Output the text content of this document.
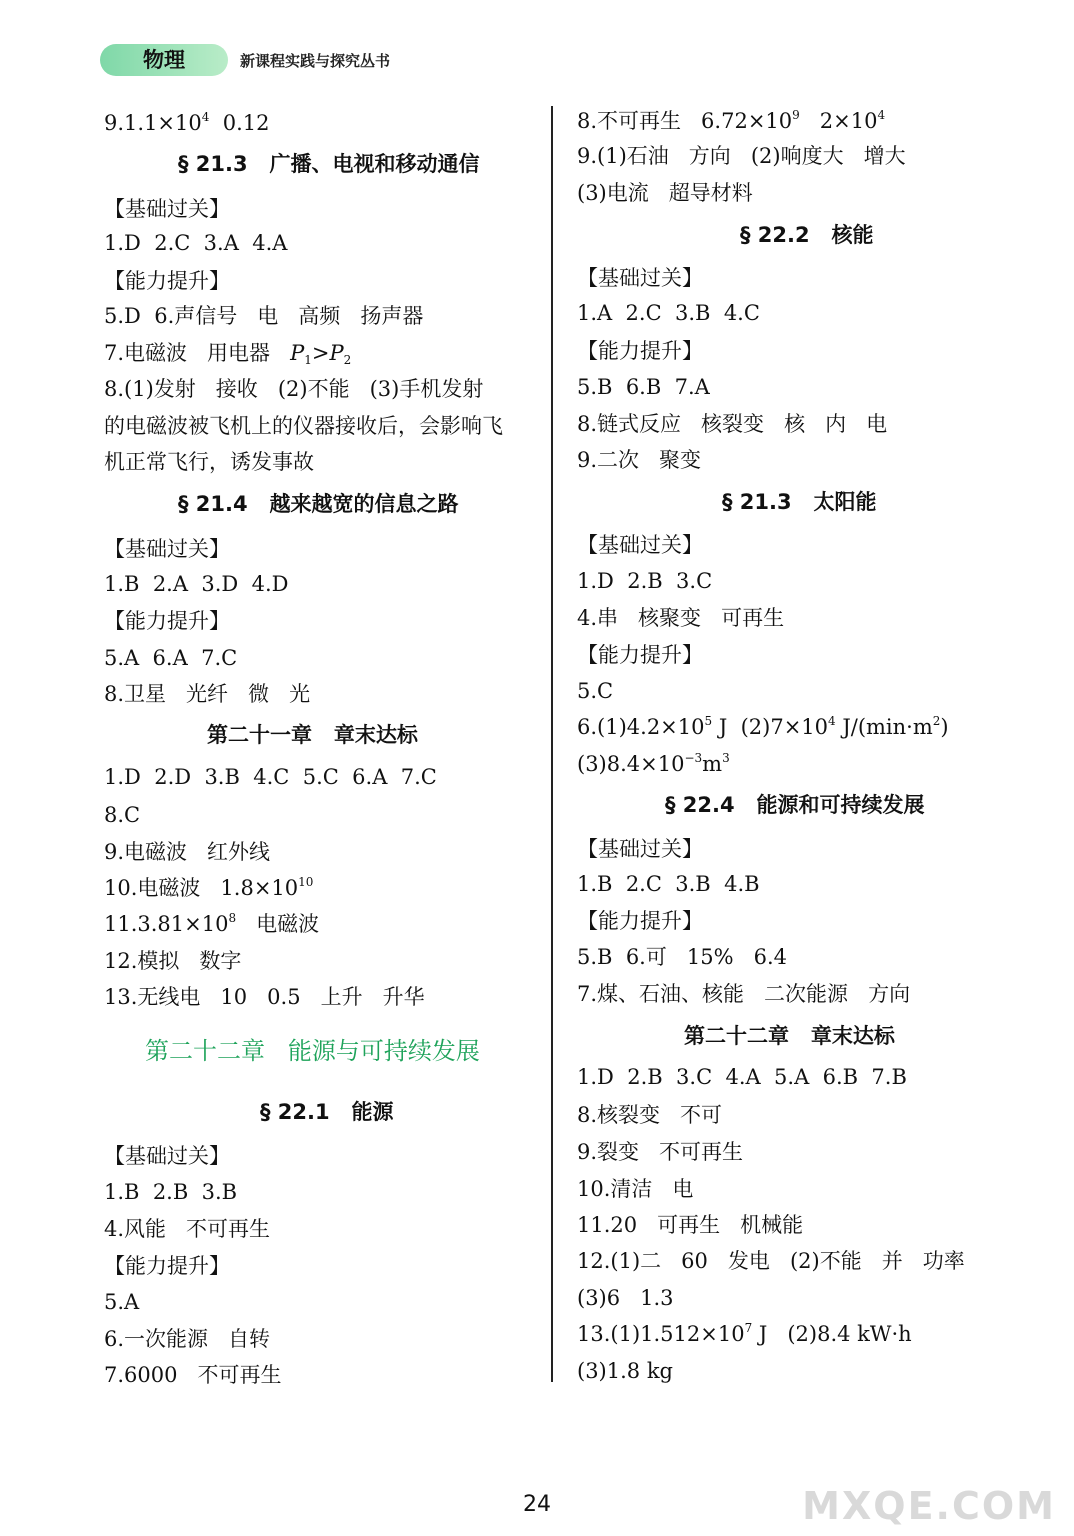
物理	新课程实践与探究丛书
$9.1.1\times 10^4$  0.12
§ 21.3   广播、电视和移动通信
【基础过关】
1.D  2.C  3.A  4.A
【能力提升】
5.D  6.声信号   电   高频   扬声器
7.电磁波   用电器   $P_1>P_2$
8.(1)发射   接收   (2)不能   (3)手机发射
的电磁波被飞机上的仪器接收后，会影响飞
机正常飞行，诱发事故
§ 21.4   越来越宽的信息之路
【基础过关】
1.B  2.A  3.D  4.D
【能力提升】
5.A  6.A  7.C
8.卫星   光纤   微   光
第二十一章   章末达标
1.D  2.D  3.B  4.C  5.C  6.A  7.C
8.C
9.电磁波   红外线
10.电磁波   $1.8\times 10^{10}$
$11.3.81\times 10^8$   电磁波
12.模拟   数字
13.无线电   10   0.5   上升   升华
第二十二章   能源与可持续发展
§ 22.1   能源
【基础过关】
1.B  2.B  3.B
4.风能   不可再生
【能力提升】
5.A
6.一次能源   自转
7.6000   不可再生
8.不可再生   $6.72\times 10^9$   $2\times 10^4$
9.(1)石油   方向   (2)响度大   增大
(3)电流   超导材料
§ 22.2   核能
【基础过关】
1.A  2.C  3.B  4.C
【能力提升】
5.B  6.B  7.A
8.链式反应   核裂变   核   内   电
9.二次   聚变
§ 21.3   太阳能
【基础过关】
1.D  2.B  3.C
4.串   核聚变   可再生
【能力提升】
5.C
$6.(1)4.2\times 10^5$ J  $(2)7\times 10^4$ $J/(\min\cdot m^2)$
$(3)8.4\times 10^{-3}m^3$
§ 22.4   能源和可持续发展
【基础过关】
1.B  2.C  3.B  4.B
【能力提升】
5.B  6.可   15%   6.4
7.煤、石油、核能   二次能源   方向
第二十二章   章末达标
1.D  2.B  3.C  4.A  5.A  6.B  7.B
8.核裂变   不可
9.裂变   不可再生
10.清洁   电
11.20   可再生   机械能
12.(1)二   60   发电   (2)不能   并   功率
(3)6   1.3
$13.(1)1.512\times 10^7$ J   (2)8.4 kW·h
(3)1.8 kg
24	MXQE.COM
